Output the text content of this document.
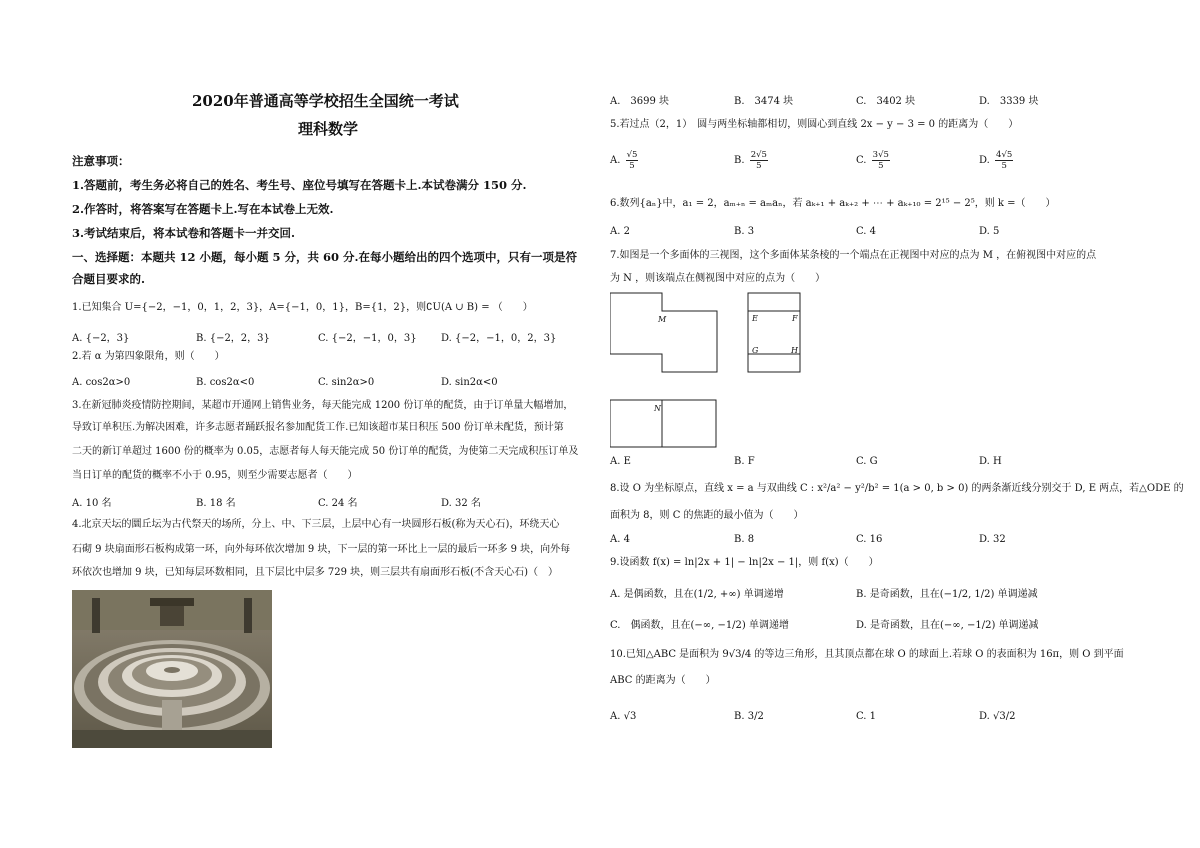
2020年普通高等学校招生全国统一考试
理科数学
注意事项：
1.答题前，考生务必将自己的姓名、考生号、座位号填写在答题卡上.本试卷满分 150 分.
2.作答时，将答案写在答题卡上.写在本试卷上无效.
3.考试结束后，将本试卷和答题卡一并交回.
一、选择题：本题共 12 小题，每小题 5 分，共 60 分.在每小题给出的四个选项中，只有一项是符
合题目要求的.
1.已知集合 U={−2，−1，0，1，2，3}，A={−1，0，1}，B={1，2}，则∁U(A ∪ B) = （　　）
A. {−2，3}	B. {−2，2，3}	C. {−2，−1，0，3} D. {−2，−1，0，2，3}
2.若 α 为第四象限角，则（　　）
A. cos2α>0	B. cos2α<0	C. sin2α>0	D. sin2α<0
3.在新冠肺炎疫情防控期间，某超市开通网上销售业务，每天能完成 1200 份订单的配货，由于订单量大幅增加，
导致订单积压.为解决困难，许多志愿者踊跃报名参加配货工作.已知该超市某日积压 500 份订单未配货，预计第
二天的新订单超过 1600 份的概率为 0.05，志愿者每人每天能完成 50 份订单的配货，为使第二天完成积压订单及
当日订单的配货的概率不小于 0.95，则至少需要志愿者（　　）
A. 10 名	B. 18 名	C. 24 名	D. 32 名
4.北京天坛的圜丘坛为古代祭天的场所，分上、中、下三层，上层中心有一块圆形石板(称为天心石)，环绕天心
石砌 9 块扇面形石板构成第一环，向外每环依次增加 9 块，下一层的第一环比上一层的最后一环多 9 块，向外每
环依次也增加 9 块，已知每层环数相同，且下层比中层多 729 块，则三层共有扇面形石板(不含天心石)（　）
A.　3699 块	B.　3474 块	C.　3402 块	D.　3339 块
5.若过点（2，1）　圆与两坐标轴都相切，则圆心到直线 2x − y − 3 = 0 的距离为（　　）
A. $\frac{√5}{5}$	B. $\frac{2√5}{5}$	C. $\frac{3√5}{5}$	D. $\frac{4√5}{5}$
6.数列{aₙ}中，a₁ = 2，aₘ₊ₙ = aₘaₙ，若 aₖ₊₁ + aₖ₊₂ + ⋯ + aₖ₊₁₀ = 2¹⁵ − 2⁵，则 k =（　　）
A. 2	B. 3	C. 4	D. 5
7.如图是一个多面体的三视图，这个多面体某条棱的一个端点在正视图中对应的点为 M ，在俯视图中对应的点
为 N ，则该端点在侧视图中对应的点为（　　）
M	E	F
G	H
N
A. E	B. F	C. G	D. H
8.设 O 为坐标原点，直线 x = a 与双曲线 C : x²/a² − y²/b² = 1(a > 0, b > 0) 的两条渐近线分别交于 D, E 两点，若△ODE 的
面积为 8，则 C 的焦距的最小值为（　　）
A. 4	B. 8	C. 16	D. 32
9.设函数 f(x) = ln|2x + 1| − ln|2x − 1|，则 f(x)（　　）
A. 是偶函数，且在(1/2, +∞) 单调递增	B. 是奇函数，且在(−1/2, 1/2) 单调递减
C.　偶函数，且在(−∞, −1/2) 单调递增	D. 是奇函数，且在(−∞, −1/2) 单调递减
10.已知△ABC 是面积为 9√3/4 的等边三角形，且其顶点都在球 O 的球面上.若球 O 的表面积为 16π，则 O 到平面
ABC 的距离为（　　）
A. √3	B. 3/2	C. 1	D. √3/2
